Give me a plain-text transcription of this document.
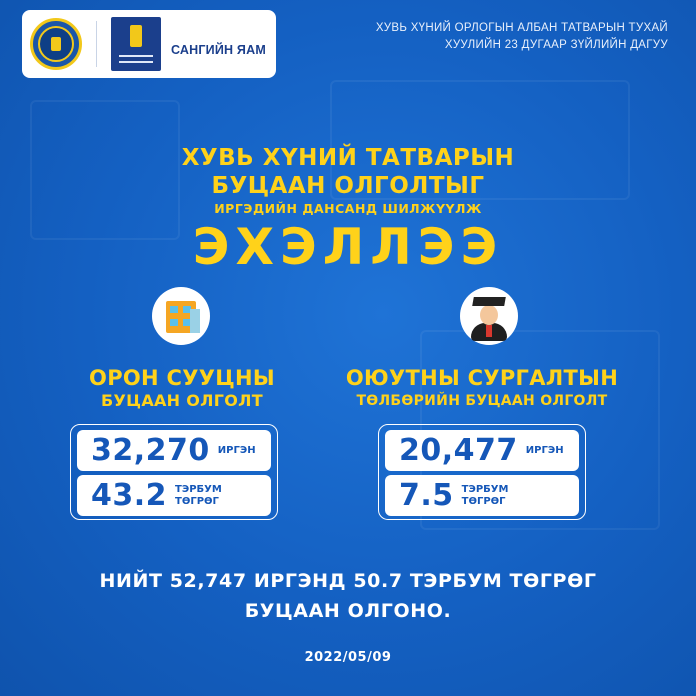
САНГИЙН ЯАМ
ХУВЬ ХҮНИЙ ОРЛОГЫН АЛБАН ТАТВАРЫН ТУХАЙ
ХУУЛИЙН 23 ДУГААР ЗҮЙЛИЙН ДАГУУ
ХУВЬ ХҮНИЙ ТАТВАРЫН
БУЦААН ОЛГОЛТЫГ
ИРГЭДИЙН ДАНСАНД ШИЛЖҮҮЛЖ
ЭХЭЛЛЭЭ
ОРОН СУУЦНЫ
БУЦААН ОЛГОЛТ
ОЮУТНЫ СУРГАЛТЫН
ТӨЛБӨРИЙН БУЦААН ОЛГОЛТ
32,270 ИРГЭН
43.2 ТЭРБУМ
ТӨГРӨГ
20,477 ИРГЭН
7.5 ТЭРБУМ
ТӨГРӨГ
НИЙТ 52,747 ИРГЭНД 50.7 ТЭРБУМ ТӨГРӨГ
БУЦААН ОЛГОНО.
2022/05/09
